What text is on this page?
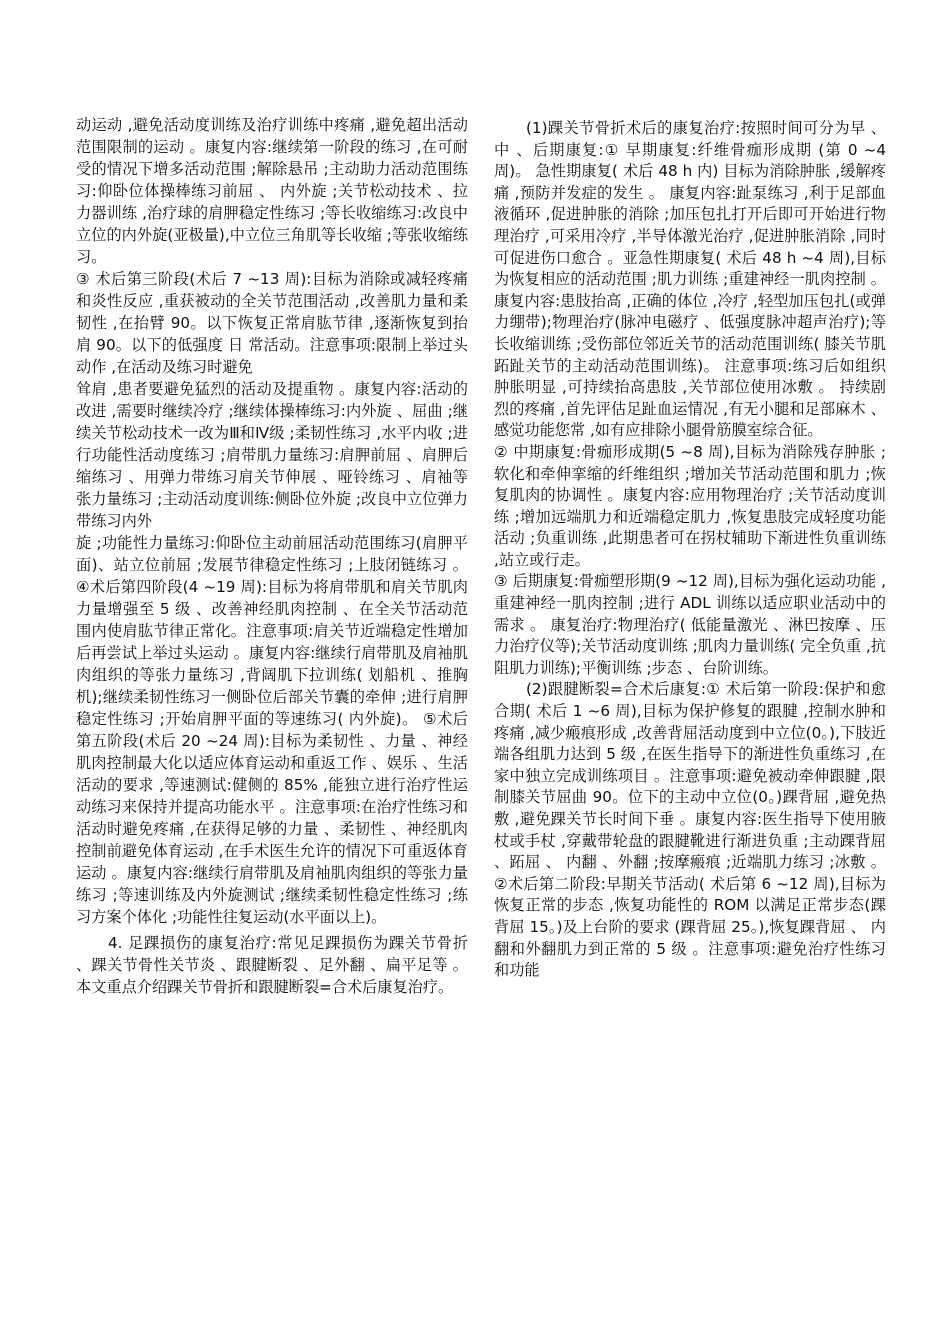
动运动 ,避免活动度训练及治疗训练中疼痛 ,避免超出活动范围限制的运动 。康复内容:继续第一阶段的练习 ,在可耐受的情况下增多活动范围 ;解除悬吊 ;主动助力活动范围练习:仰卧位体操棒练习前屈 、 内外旋 ;关节松动技术 、拉力器训练 ,治疗球的肩胛稳定性练习 ;等长收缩练习:改良中立位的内外旋(亚极量),中立位三角肌等长收缩 ;等张收缩练习。

③ 术后第三阶段(术后 7 ~13 周):目标为消除或减轻疼痛和炎性反应 ,重获被动的全关节范围活动 ,改善肌力量和柔韧性 ,在抬臂 90。以下恢复正常肩肱节律 ,逐渐恢复到抬肩 90。以下的低强度 日 常活动。注意事项:限制上举过头动作 ,在活动及练习时避免

耸肩 ,患者要避免猛烈的活动及提重物 。康复内容:活动的改进 ,需要时继续冷疗 ;继续体操棒练习:内外旋 、屈曲 ;继续关节松动技术一改为Ⅲ和Ⅳ级 ;柔韧性练习 ,水平内收 ;进行功能性活动度练习 ;肩带肌力量练习:肩胛前屈 、肩胛后缩练习 、用弹力带练习肩关节伸展 、哑铃练习 、肩袖等张力量练习 ;主动活动度训练:侧卧位外旋 ;改良中立位弹力带练习内外

旋 ;功能性力量练习:仰卧位主动前屈活动范围练习(肩胛平面)、站立位前屈 ;发展节律稳定性练习 ;上肢闭链练习 。④术后第四阶段(4 ~19 周):目标为将肩带肌和肩关节肌肉力量增强至 5 级 、改善神经肌肉控制 、在全关节活动范围内使肩肱节律正常化。注意事项:肩关节近端稳定性增加后再尝试上举过头运动 。康复内容:继续行肩带肌及肩袖肌肉组织的等张力量练习 ,背阔肌下拉训练( 划船机 、推胸机);继续柔韧性练习一侧卧位后部关节囊的牵伸 ;进行肩胛稳定性练习 ;开始肩胛平面的等速练习( 内外旋)。 ⑤术后第五阶段(术后 20 ~24 周):目标为柔韧性 、力量 、神经肌肉控制最大化以适应体育运动和重返工作 、娱乐 、生活活动的要求 ,等速测试:健侧的 85% ,能独立进行治疗性运动练习来保持并提高功能水平 。注意事项:在治疗性练习和活动时避免疼痛 ,在获得足够的力量 、柔韧性 、神经肌肉控制前避免体育运动 ,在手术医生允许的情况下可重返体育运动 。康复内容:继续行肩带肌及肩袖肌肉组织的等张力量练习 ;等速训练及内外旋测试 ;继续柔韧性稳定性练习 ;练习方案个体化 ;功能性往复运动(水平面以上)。

4. 足踝损伤的康复治疗:常见足踝损伤为踝关节骨折 、踝关节骨性关节炎 、跟腱断裂 、足外翻 、扁平足等 。本文重点介绍踝关节骨折和跟腱断裂=合术后康复治疗。

(1)踝关节骨折术后的康复治疗:按照时间可分为早 、 中 、后期康复:① 早期康复:纤维骨痂形成期 (第 0 ~4 周)。 急性期康复( 术后 48 h 内) 目标为消除肿胀 ,缓解疼痛 ,预防并发症的发生 。 康复内容:趾泵练习 ,利于足部血液循环 ,促进肿胀的消除 ;加压包扎打开后即可开始进行物理治疗 ,可采用冷疗 ,半导体激光治疗 ,促进肿胀消除 ,同时可促进伤口愈合 。亚急性期康复( 术后 48 h ~4 周),目标为恢复相应的活动范围 ;肌力训练 ;重建神经一肌肉控制 。康复内容:患肢抬高 ,正确的体位 ,冷疗 ,轻型加压包扎(或弹力绷带);物理治疗(脉冲电磁疗 、低强度脉冲超声治疗);等长收缩训练 ;受伤部位邻近关节的活动范围训练( 膝关节肌跖趾关节的主动活动范围训练)。 注意事项:练习后如组织肿胀明显 ,可持续抬高患肢 ,关节部位使用冰敷 。 持续剧烈的疼痛 ,首先评估足趾血运情况 ,有无小腿和足部麻木 、 感觉功能您常 ,如有应排除小腿骨筋膜室综合征。

② 中期康复:骨痂形成期(5 ~8 周),目标为消除残存肿胀 ;软化和牵伸挛缩的纤维组织 ;增加关节活动范围和肌力 ;恢复肌肉的协调性 。康复内容:应用物理治疗 ;关节活动度训练 ;增加远端肌力和近端稳定肌力 ,恢复患肢完成轻度功能活动 ;负重训练 ,此期患者可在拐杖辅助下渐进性负重训练 ,站立或行走。

③ 后期康复:骨痂塑形期(9 ~12 周),目标为强化运动功能 ,重建神经一肌肉控制 ;进行 ADL 训练以适应职业活动中的需求 。 康复治疗:物理治疗( 低能量激光 、淋巴按摩 、压力治疗仪等);关节活动度训练 ;肌肉力量训练( 完全负重 ,抗阻肌力训练);平衡训练 ;步态 、台阶训练。

(2)跟腱断裂=合术后康复:① 术后第一阶段:保护和愈合期( 术后 1 ~6 周),目标为保护修复的跟腱 ,控制水肿和疼痛 ,减少瘢痕形成 ,改善背屈活动度到中立位(0。),下肢近端各组肌力达到 5 级 ,在医生指导下的渐进性负重练习 ,在家中独立完成训练项目 。注意事项:避免被动牵伸跟腱 ,限制膝关节屈曲 90。位下的主动中立位(0。)踝背屈 ,避免热敷 ,避免踝关节长时间下垂 。康复内容:医生指导下使用腋杖或手杖 ,穿戴带轮盘的跟腱靴进行渐进负重 ;主动踝背屈 、跖屈 、 内翻 、外翻 ;按摩瘢痕 ;近端肌力练习 ;冰敷 。 ②术后第二阶段:早期关节活动( 术后第 6 ~12 周),目标为恢复正常的步态 ,恢复功能性的 ROM 以满足正常步态(踝背屈 15。)及上台阶的要求 (踝背屈 25。),恢复踝背屈 、 内翻和外翻肌力到正常的 5 级 。注意事项:避免治疗性练习和功能
